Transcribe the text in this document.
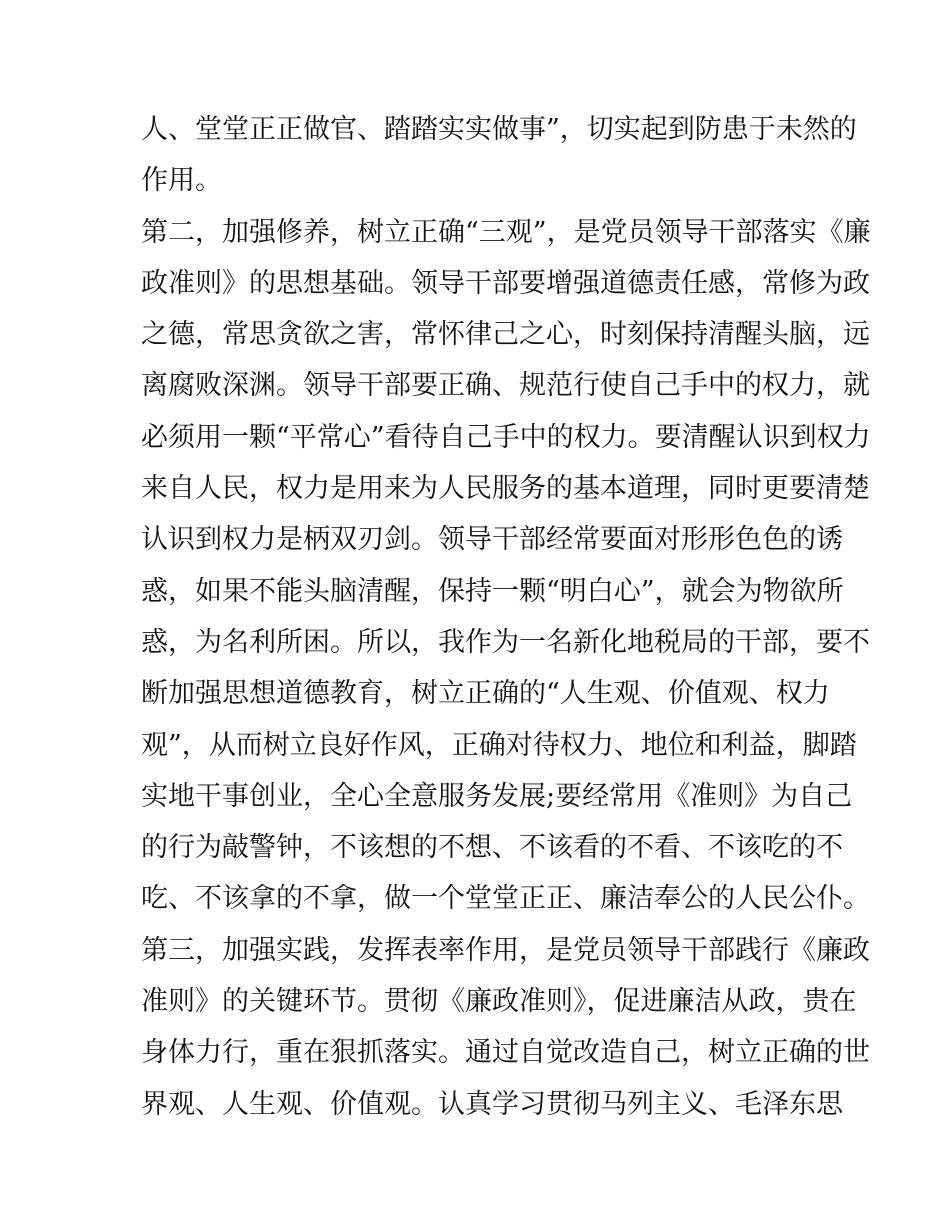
人、堂堂正正做官、踏踏实实做事”，切实起到防患于未然的
作用。
第二，加强修养，树立正确“三观”，是党员领导干部落实《廉
政准则》的思想基础。领导干部要增强道德责任感，常修为政
之德，常思贪欲之害，常怀律己之心，时刻保持清醒头脑，远
离腐败深渊。领导干部要正确、规范行使自己手中的权力，就
必须用一颗“平常心”看待自己手中的权力。要清醒认识到权力
来自人民，权力是用来为人民服务的基本道理，同时更要清楚
认识到权力是柄双刃剑。领导干部经常要面对形形色色的诱
惑，如果不能头脑清醒，保持一颗“明白心”，就会为物欲所
惑，为名利所困。所以，我作为一名新化地税局的干部，要不
断加强思想道德教育，树立正确的“人生观、价值观、权力
观”，从而树立良好作风，正确对待权力、地位和利益，脚踏
实地干事创业，全心全意服务发展;要经常用《准则》为自己
的行为敲警钟，不该想的不想、不该看的不看、不该吃的不
吃、不该拿的不拿，做一个堂堂正正、廉洁奉公的人民公仆。
第三，加强实践，发挥表率作用，是党员领导干部践行《廉政
准则》的关键环节。贯彻《廉政准则》，促进廉洁从政，贵在
身体力行，重在狠抓落实。通过自觉改造自己，树立正确的世
界观、人生观、价值观。认真学习贯彻马列主义、毛泽东思
